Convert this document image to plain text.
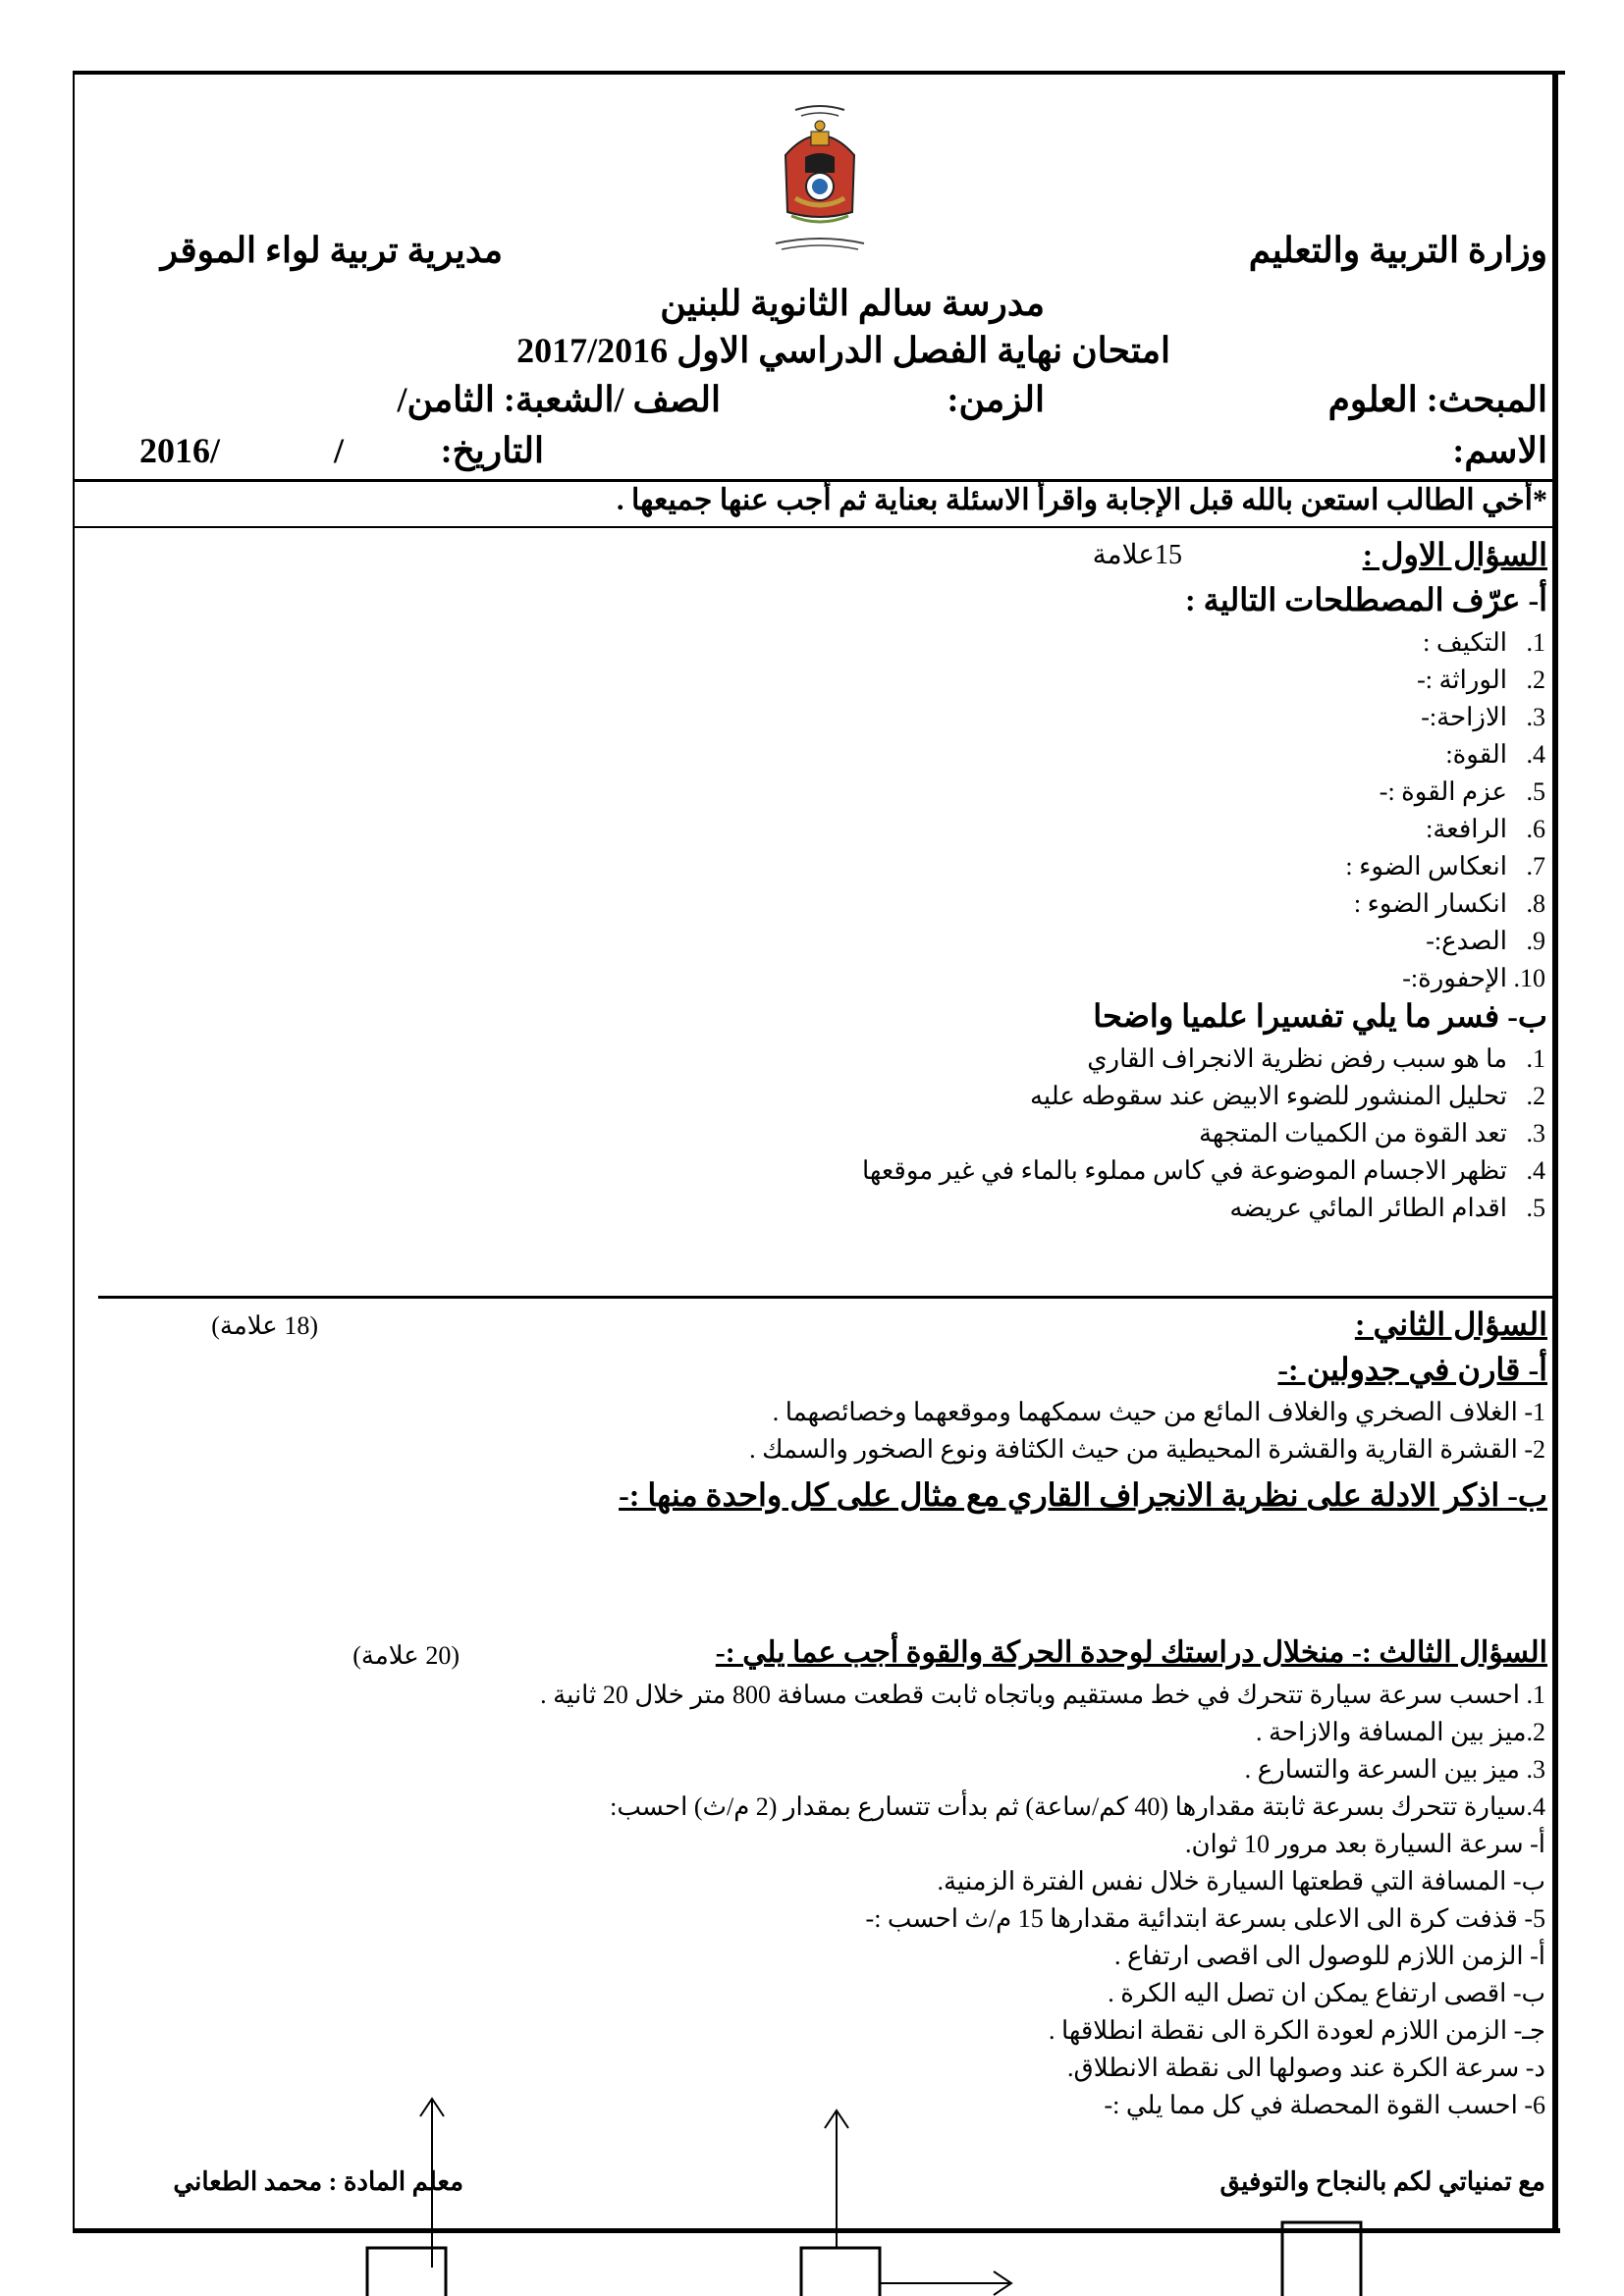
وزارة التربية والتعليم
مديرية تربية لواء الموقر
مدرسة سالم الثانوية للبنين
امتحان نهاية الفصل الدراسي الاول 2017/2016
المبحث: العلوم
الزمن:
الصف /الشعبة: الثامن/
الاسم:
التاريخ:
/
2016/
*أخي الطالب استعن بالله قبل الإجابة واقرأ الاسئلة بعناية ثم أجب عنها جميعها .
السؤال الاول :
15علامة
أ- عرّف المصطلحات التالية :
1.   التكيف :
2.   الوراثة :-
3.   الازاحة:-
4.   القوة:
5.   عزم القوة :-
6.   الرافعة:
7.   انعكاس الضوء :
8.   انكسار الضوء :
9.   الصدع:-
10. الإحفورة:-
ب- فسر ما يلي تفسيرا علميا واضحا
1.   ما هو سبب رفض نظرية الانجراف القاري
2.   تحليل المنشور للضوء الابيض عند سقوطه عليه
3.   تعد القوة من الكميات المتجهة
4.   تظهر الاجسام الموضوعة في كاس مملوء بالماء في غير موقعها
5.   اقدام الطائر المائي عريضه
السؤال الثاني :
(18 علامة)
أ- قارن في جدولين :-
1- الغلاف الصخري والغلاف المائع من حيث سمكهما وموقعهما وخصائصهما .
2- القشرة القارية والقشرة المحيطية من حيث الكثافة ونوع الصخور والسمك .
ب- اذكر الادلة على نظرية الانجراف القاري مع مثال على كل واحدة منها :-
السؤال الثالث :- منخلال دراستك لوحدة الحركة والقوة أجب عما يلي :-
(20 علامة)
1. احسب سرعة سيارة تتحرك في خط مستقيم وباتجاه ثابت قطعت مسافة 800 متر خلال 20 ثانية .
2.ميز بين المسافة والازاحة .
3. ميز بين السرعة والتسارع .
4.سيارة تتحرك بسرعة ثابتة مقدارها (40 كم/ساعة) ثم بدأت تتسارع بمقدار (2 م/ث) احسب:
أ- سرعة السيارة بعد مرور 10 ثوان.
ب- المسافة التي قطعتها السيارة خلال نفس الفترة الزمنية.
5- قذفت كرة الى الاعلى بسرعة ابتدائية مقدارها 15 م/ث احسب :-
أ- الزمن اللازم للوصول الى اقصى ارتفاع .
ب- اقصى ارتفاع يمكن ان تصل اليه الكرة .
جـ- الزمن اللازم لعودة الكرة الى نقطة انطلاقها .
د- سرعة الكرة عند وصولها الى نقطة الانطلاق.
6- احسب القوة المحصلة في كل مما يلي :-
مع تمنياتي لكم بالنجاح والتوفيق
معلم المادة : محمد الطعاني
